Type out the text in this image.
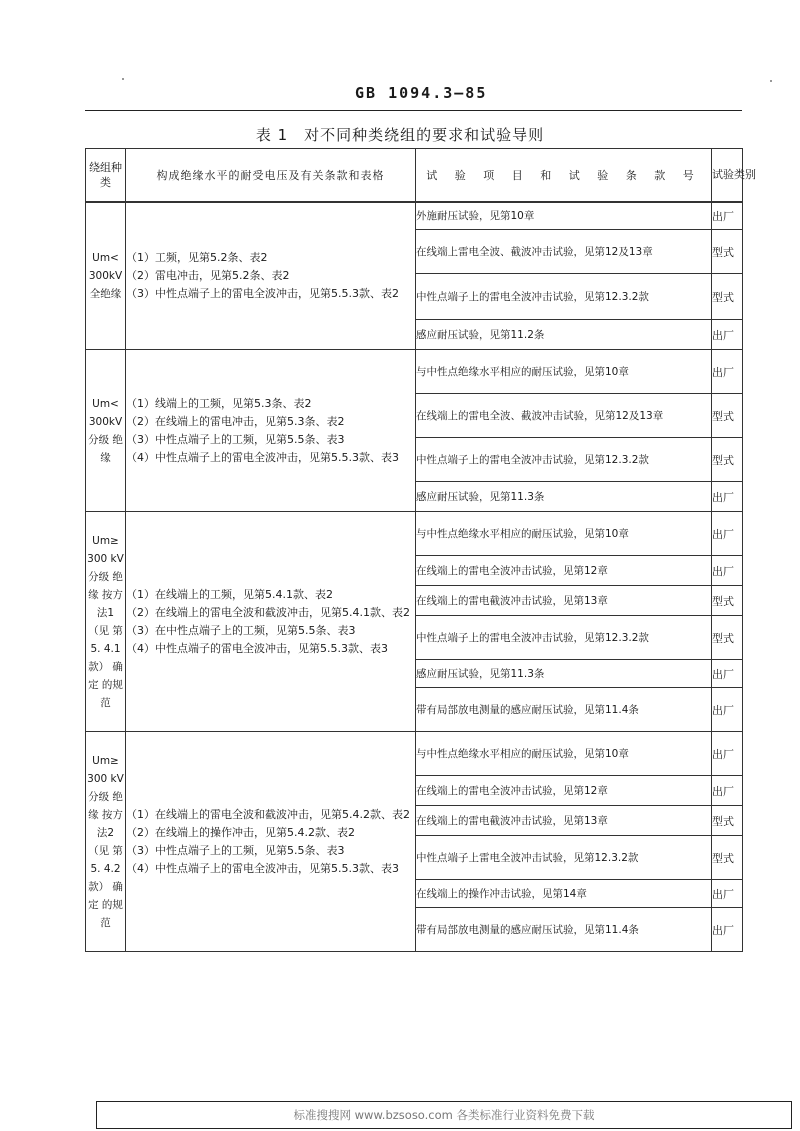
GB 1094.3—85
表 1　对不同种类绕组的要求和试验导则
绕组种类	构成绝缘水平的耐受电压及有关条款和表格	试 验 项 目 和 试 验 条 款 号	试验类别
Um< 300kV 全绝缘	（1）工频，见第5.2条、表2
（2）雷电冲击，见第5.2条、表2
（3）中性点端子上的雷电全波冲击，见第5.5.3款、表2	外施耐压试验，见第10章	出厂
		在线端上雷电全波、截波冲击试验，见第12及13章	型式
		中性点端子上的雷电全波冲击试验，见第12.3.2款	型式
		感应耐压试验，见第11.2条	出厂
Um< 300kV 分级 绝缘	（1）线端上的工频，见第5.3条、表2
（2）在线端上的雷电冲击，见第5.3条、表2
（3）中性点端子上的工频，见第5.5条、表3
（4）中性点端子上的雷电全波冲击，见第5.5.3款、表3	与中性点绝缘水平相应的耐压试验，见第10章	出厂
		在线端上的雷电全波、截波冲击试验，见第12及13章	型式
		中性点端子上的雷电全波冲击试验，见第12.3.2款	型式
		感应耐压试验，见第11.3条	出厂
Um≥ 300 kV 分级 绝缘 按方 法1 （见 第5. 4.1 款） 确定 的规 范	（1）在线端上的工频，见第5.4.1款、表2
（2）在线端上的雷电全波和截波冲击，见第5.4.1款、表2
（3）在中性点端子上的工频，见第5.5条、表3
（4）中性点端子的雷电全波冲击，见第5.5.3款、表3	与中性点绝缘水平相应的耐压试验，见第10章	出厂
		在线端上的雷电全波冲击试验，见第12章	出厂
		在线端上的雷电截波冲击试验，见第13章	型式
		中性点端子上的雷电全波冲击试验，见第12.3.2款	型式
		感应耐压试验，见第11.3条	出厂
		带有局部放电测量的感应耐压试验，见第11.4条	出厂
Um≥ 300 kV 分级 绝缘 按方 法2 （见 第5. 4.2 款） 确定 的规 范	（1）在线端上的雷电全波和截波冲击，见第5.4.2款、表2
（2）在线端上的操作冲击，见第5.4.2款、表2
（3）中性点端子上的工频，见第5.5条、表3
（4）中性点端子上的雷电全波冲击，见第5.5.3款、表3	与中性点绝缘水平相应的耐压试验，见第10章	出厂
		在线端上的雷电全波冲击试验，见第12章	出厂
		在线端上的雷电截波冲击试验，见第13章	型式
		中性点端子上雷电全波冲击试验，见第12.3.2款	型式
		在线端上的操作冲击试验，见第14章	出厂
		带有局部放电测量的感应耐压试验，见第11.4条	出厂
标准搜搜网 www.bzsoso.com 各类标准行业资料免费下载
